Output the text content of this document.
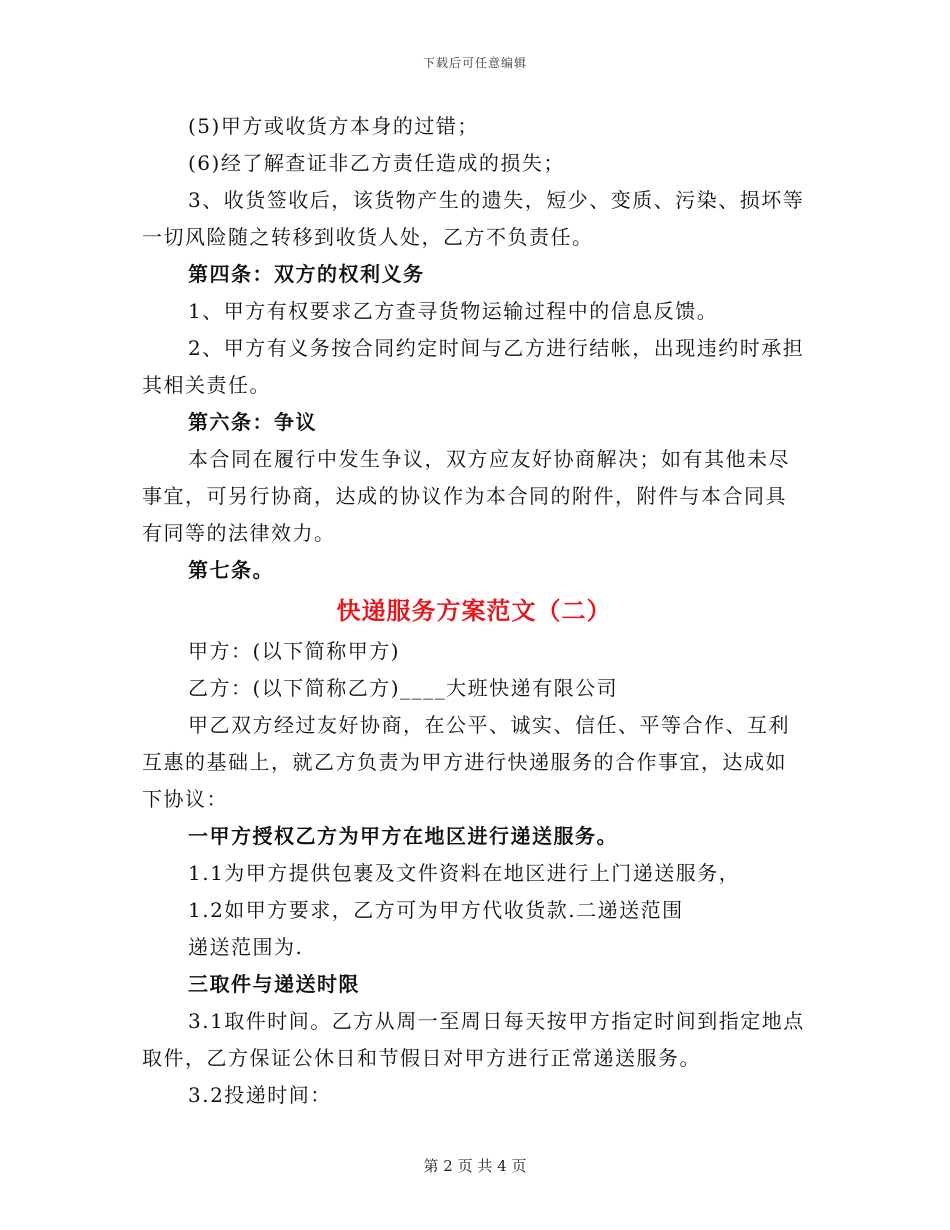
下载后可任意编辑

(5)甲方或收货方本身的过错；

(6)经了解查证非乙方责任造成的损失；

3、收货签收后，该货物产生的遗失，短少、变质、污染、损坏等一切风险随之转移到收货人处，乙方不负责任。

第四条：双方的权利义务

1、甲方有权要求乙方查寻货物运输过程中的信息反馈。

2、甲方有义务按合同约定时间与乙方进行结帐，出现违约时承担其相关责任。

第六条：争议

本合同在履行中发生争议，双方应友好协商解决；如有其他未尽事宜，可另行协商，达成的协议作为本合同的附件，附件与本合同具有同等的法律效力。

第七条。

快递服务方案范文（二）

甲方：(以下简称甲方)

乙方：(以下简称乙方)____大班快递有限公司

甲乙双方经过友好协商，在公平、诚实、信任、平等合作、互利互惠的基础上，就乙方负责为甲方进行快递服务的合作事宜，达成如下协议：

一甲方授权乙方为甲方在地区进行递送服务。

1.1为甲方提供包裹及文件资料在地区进行上门递送服务，

1.2如甲方要求，乙方可为甲方代收货款.二递送范围

递送范围为.

三取件与递送时限

3.1取件时间。乙方从周一至周日每天按甲方指定时间到指定地点取件，乙方保证公休日和节假日对甲方进行正常递送服务。

3.2投递时间：

第 2 页 共 4 页
